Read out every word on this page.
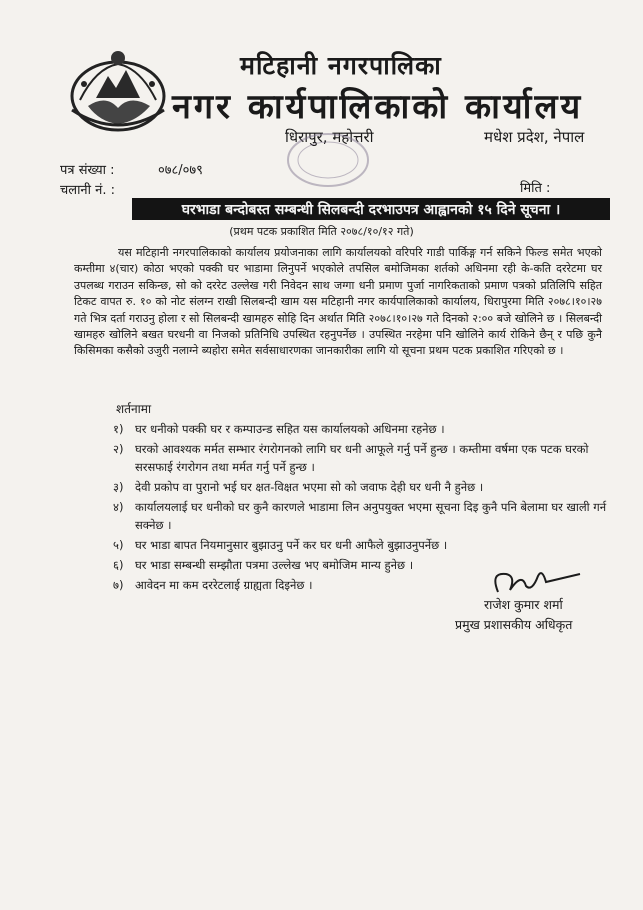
मटिहानी नगरपालिका
नगर कार्यपालिकाको कार्यालय
धिरापुर, महोत्तरी	मधेश प्रदेश, नेपाल
पत्र संख्या :	०७८/०७९
चलानी नं. :	मिति :
घरभाडा बन्दोबस्त सम्बन्धी सिलबन्दी दरभाउपत्र आह्वानको १५ दिने सूचना ।
(प्रथम पटक प्रकाशित मिति २०७८/१०/१२ गते)
यस मटिहानी नगरपालिकाको कार्यालय प्रयोजनाका लागि कार्यालयको वरिपरि गाडी पार्किङ्ग गर्न सकिने फिल्ड समेत भएको कम्तीमा ४(चार) कोठा भएको पक्की घर भाडामा लिनुपर्ने भएकोले तपसिल बमोजिमका शर्तको अधिनमा रही के-कति दररेटमा घर उपलब्ध गराउन सकिन्छ, सो को दररेट उल्लेख गरी निवेदन साथ जग्गा धनी प्रमाण पुर्जा नागरिकताको प्रमाण पत्रको प्रतिलिपि सहित टिकट वापत रु. १० को नोट संलग्न राखी सिलबन्दी खाम यस मटिहानी नगर कार्यपालिकाको कार्यालय, धिरापुरमा मिति २०७८।१०।२७ गते भित्र दर्ता गराउनु होला र सो सिलबन्दी खामहरु सोहि दिन अर्थात मिति २०७८।१०।२७ गते दिनको २:०० बजे खोलिने छ । सिलबन्दी खामहरु खोलिने बखत घरधनी वा निजको प्रतिनिधि उपस्थित रहनुपर्नेछ । उपस्थित नरहेमा पनि खोलिने कार्य रोकिने छैन् र पछि कुनै किसिमका कसैको उजुरी नलाग्ने ब्यहोरा समेत सर्वसाधारणका जानकारीका लागि यो सूचना प्रथम पटक प्रकाशित गरिएको छ ।
शर्तनामा
१)	घर धनीको पक्की घर र कम्पाउन्ड सहित यस कार्यालयको अधिनमा रहनेछ ।
२)	घरको आवश्यक मर्मत सम्भार रंगरोगनको लागि घर धनी आफूले गर्नु पर्ने हुन्छ । कम्तीमा वर्षमा एक पटक घरको सरसफाई रंगरोगन तथा मर्मत गर्नु पर्ने हुन्छ ।
३)	देवी प्रकोप वा पुरानो भई घर क्षत-विक्षत भएमा सो को जवाफ देही घर धनी नै हुनेछ ।
४)	कार्यालयलाई घर धनीको घर कुनै कारणले भाडामा लिन अनुपयुक्त भएमा सूचना दिइ कुनै पनि बेलामा घर खाली गर्न सक्नेछ ।
५)	घर भाडा बापत नियमानुसार बुझाउनु पर्ने कर घर धनी आफैले बुझाउनुपर्नेछ ।
६)	घर भाडा सम्बन्धी सम्झौता पत्रमा उल्लेख भए बमोजिम मान्य हुनेछ ।
७)	आवेदन मा कम दररेटलाई ग्राह्यता दिइनेछ ।
राजेश कुमार शर्मा
प्रमुख प्रशासकीय अधिकृत
